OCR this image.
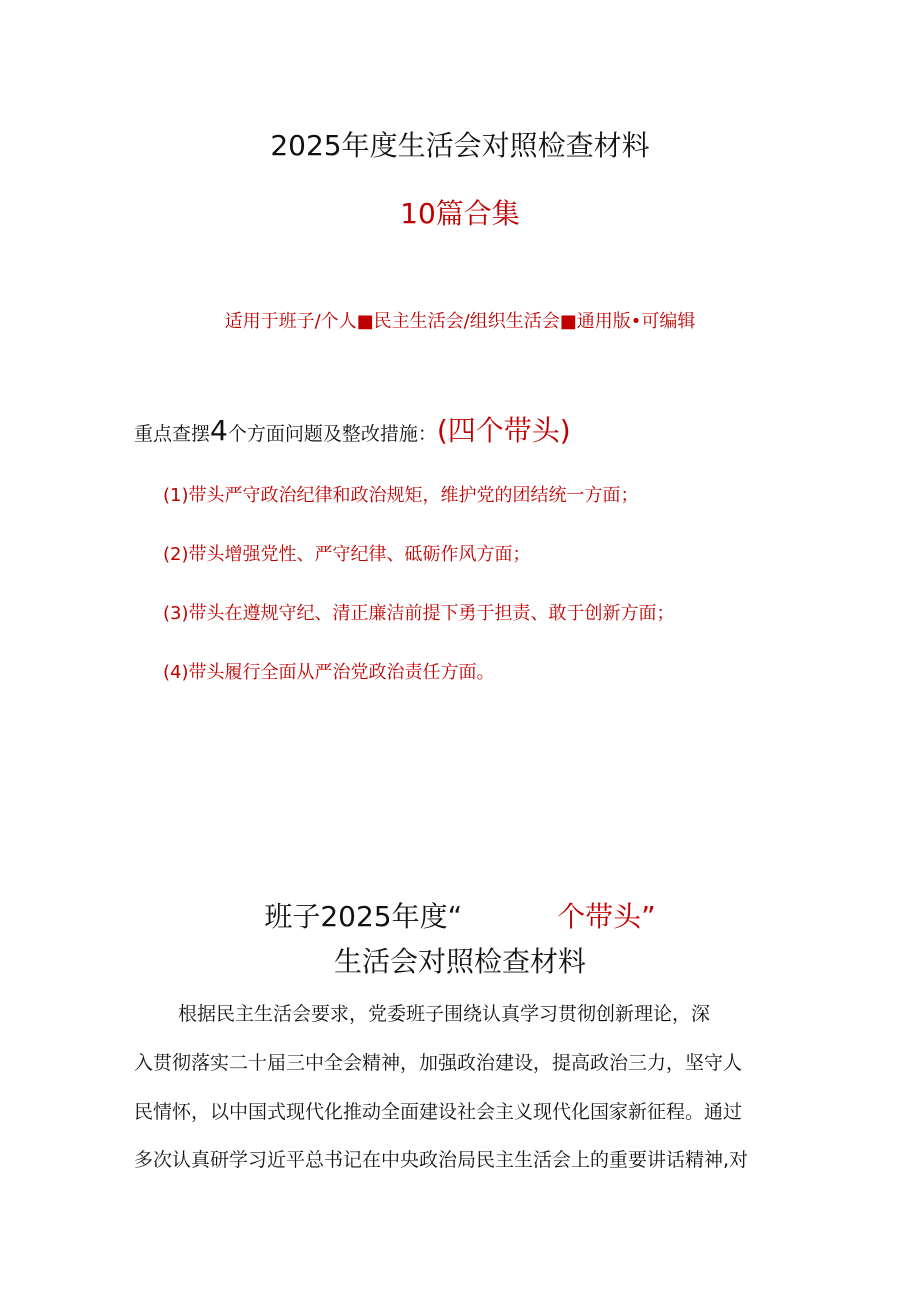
2025年度生活会对照检查材料
10篇合集
适用于班子/个人■民主生活会/组织生活会■通用版•可编辑
重点查摆4个方面问题及整改措施：(四个带头)
(1)带头严守政治纪律和政治规矩，维护党的团结统一方面；
(2)带头增强党性、严守纪律、砥砺作风方面；
(3)带头在遵规守纪、清正廉洁前提下勇于担责、敢于创新方面；
(4)带头履行全面从严治党政治责任方面。
班子2025年度“	个带头”
生活会对照检查材料
根据民主生活会要求，党委班子围绕认真学习贯彻创新理论，深
入贯彻落实二十届三中全会精神，加强政治建设，提高政治三力，坚守人
民情怀，以中国式现代化推动全面建设社会主义现代化国家新征程。通过
多次认真研学习近平总书记在中央政治局民主生活会上的重要讲话精神,对
